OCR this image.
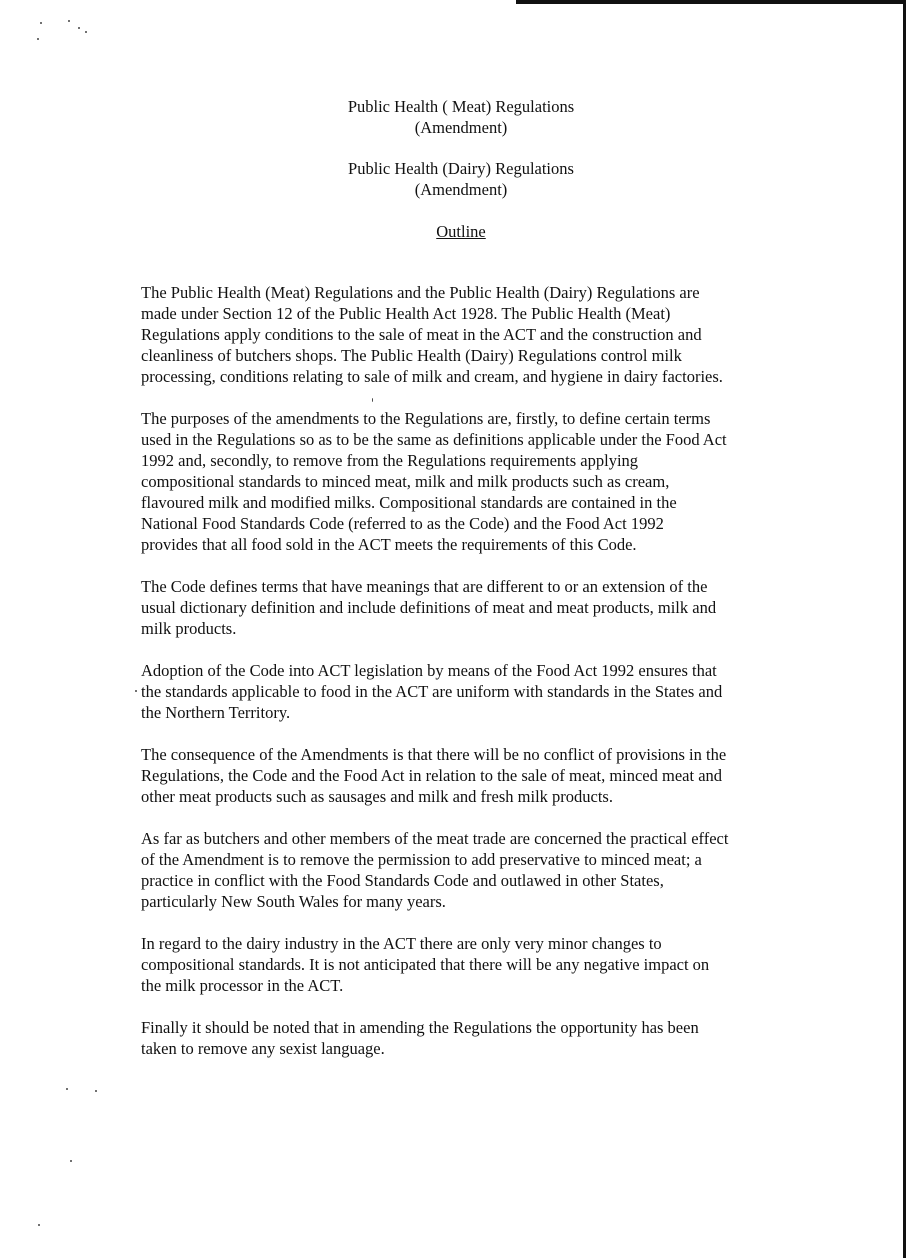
Public Health ( Meat) Regulations
(Amendment)
Public Health (Dairy) Regulations
(Amendment)
Outline
The Public Health (Meat) Regulations and the Public Health (Dairy) Regulations are
made under Section 12 of the Public Health Act 1928. The Public Health (Meat)
Regulations apply conditions to the sale of meat in the ACT and the construction and
cleanliness of butchers shops. The Public Health (Dairy) Regulations control milk
processing, conditions relating to sale of milk and cream, and hygiene in dairy factories.
The purposes of the amendments to the Regulations are, firstly, to define certain terms
used in the Regulations so as to be the same as definitions applicable under the Food Act
1992 and, secondly, to remove from the Regulations requirements applying
compositional standards to minced meat, milk and milk products such as cream,
flavoured milk and modified milks. Compositional standards are contained in the
National Food Standards Code (referred to as the Code) and the Food Act 1992
provides that all food sold in the ACT meets the requirements of this Code.
The Code defines terms that have meanings that are different to or an extension of the
usual dictionary definition and include definitions of meat and meat products, milk and
milk products.
Adoption of the Code into ACT legislation by means of the Food Act 1992 ensures that
the standards applicable to food in the ACT are uniform with standards in the States and
the Northern Territory.
The consequence of the Amendments is that there will be no conflict of provisions in the
Regulations, the Code and the Food Act in relation to the sale of meat, minced meat and
other meat products such as sausages and milk and fresh milk products.
As far as butchers and other members of the meat trade are concerned the practical effect
of the Amendment is to remove the permission to add preservative to minced meat; a
practice in conflict with the Food Standards Code and outlawed in other States,
particularly New South Wales for many years.
In regard to the dairy industry in the ACT there are only very minor changes to
compositional standards. It is not anticipated that there will be any negative impact on
the milk processor in the ACT.
Finally it should be noted that in amending the Regulations the opportunity has been
taken to remove any sexist language.
